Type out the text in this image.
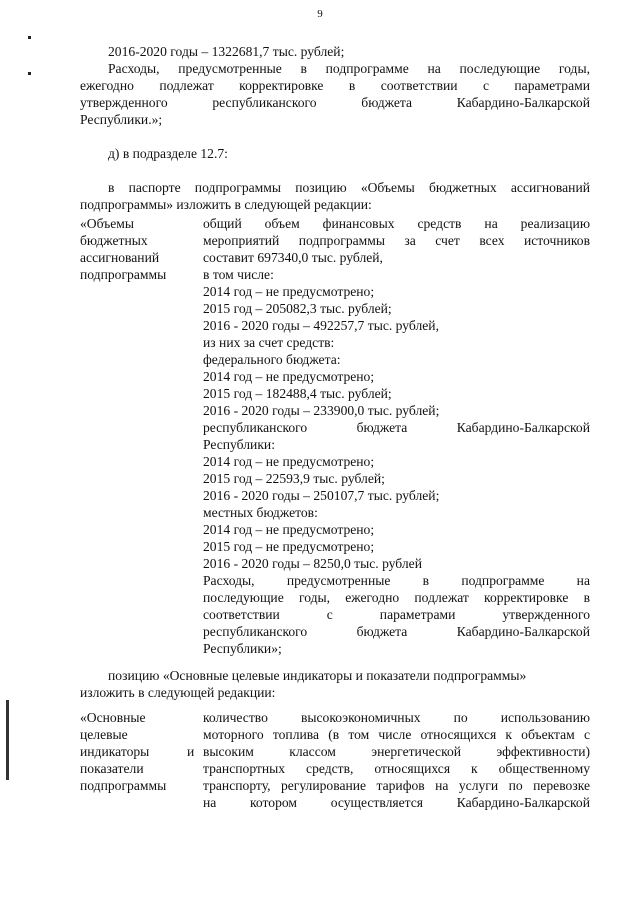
9

2016-2020 годы – 1322681,7 тыс. рублей;

Расходы, предусмотренные в подпрограмме на последующие годы,
ежегодно подлежат корректировке в соответствии с параметрами
утвержденного республиканского бюджета Кабардино-Балкарской
Республики.»;

д) в подразделе 12.7:

в паспорте подпрограммы позицию «Объемы бюджетных ассигнований
подпрограммы» изложить в следующей редакции:
«Объемы
бюджетных
ассигнований
подпрограммы
общий объем финансовых средств на реализацию
мероприятий подпрограммы за счет всех источников
составит 697340,0 тыс. рублей,
в том числе:
2014 год – не предусмотрено;
2015 год – 205082,3 тыс. рублей;
2016 - 2020 годы – 492257,7 тыс. рублей,
из них за счет средств:
федерального бюджета:
2014 год – не предусмотрено;
2015 год – 182488,4 тыс. рублей;
2016 - 2020 годы – 233900,0 тыс. рублей;
республиканского бюджета Кабардино-Балкарской
Республики:
2014 год – не предусмотрено;
2015 год – 22593,9 тыс. рублей;
2016 - 2020 годы – 250107,7 тыс. рублей;
местных бюджетов:
2014 год – не предусмотрено;
2015 год – не предусмотрено;
2016 - 2020 годы – 8250,0 тыс. рублей
Расходы, предусмотренные в подпрограмме на
последующие годы, ежегодно подлежат корректировке в
соответствии с параметрами утвержденного
республиканского бюджета Кабардино-Балкарской
Республики»;
позицию «Основные целевые индикаторы и показатели подпрограммы»
изложить в следующей редакции:
«Основные
целевые
индикаторы
показатели
подпрограммы
и
количество высокоэкономичных по использованию
моторного топлива (в том числе относящихся к объектам с
высоким классом энергетической эффективности)
транспортных средств, относящихся к общественному
транспорту, регулирование тарифов на услуги по перевозке
на котором осуществляется Кабардино-Балкарской
